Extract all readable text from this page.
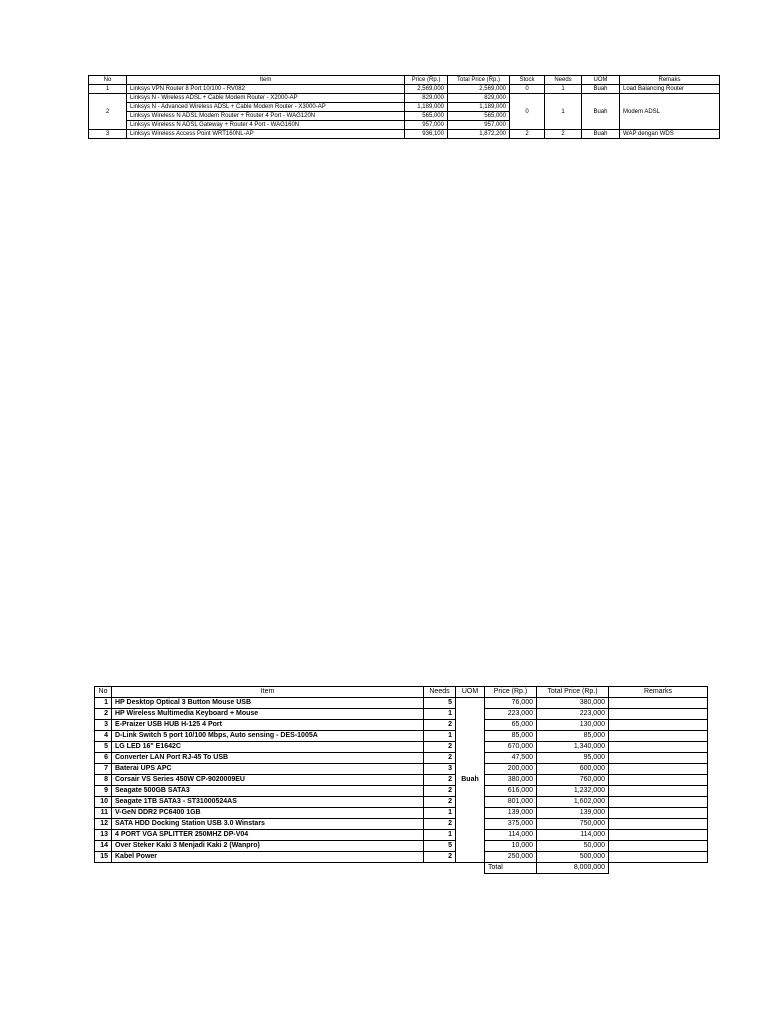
No	Item	Price (Rp.)	Total Price (Rp.)	Stock	Needs	UOM	Remaks
1	Linksys VPN Router 8 Port 10/100 - RV082	2,569,000	2,569,000	0	1	Buah	Load Balancing Router
2	Linksys N - Wireless ADSL + Cable Modem Router - X2000-AP	829,000	829,000	0	1	Buah	Modem ADSL
	Linksys N - Advanced Wireless ADSL + Cable Modem Router - X3000-AP	1,189,000	1,189,000				
	Linksys Wireless N ADSL Modem Router + Router 4 Port - WAG120N	565,000	565,000				
	Linksys Wireless N ADSL Gateway + Router 4 Port - WAG160N	957,000	957,000				
3	Linksys Wireless Access Point WRT160NL-AP	936,100	1,872,200	2	2	Buah	WAP dengan WDS
No	Item	Needs	UOM	Price (Rp.)	Total Price (Rp.)	Remarks
1	HP Desktop Optical 3 Button Mouse USB	5	Buah	76,000	380,000	
2	HP Wireless Multimedia Keyboard + Mouse	1		223,000	223,000	
3	E-Praizer USB HUB H-125 4 Port	2		65,000	130,000	
4	D-Link Switch 5 port 10/100 Mbps, Auto sensing - DES-1005A	1		85,000	85,000	
5	LG LED 16" E1642C	2		670,000	1,340,000	
6	Converter LAN Port RJ-45 To USB	2		47,500	95,000	
7	Baterai UPS APC	3		200,000	600,000	
8	Corsair VS Series 450W CP-9020009EU	2		380,000	760,000	
9	Seagate 500GB SATA3	2		616,000	1,232,000	
10	Seagate 1TB SATA3 - ST31000524AS	2		801,000	1,602,000	
11	V-GeN DDR2 PC6400 1GB	1		139,000	139,000	
12	SATA HDD Docking Station USB 3.0 Winstars	2		375,000	750,000	
13	4 PORT VGA SPLITTER 250MHZ DP-V04	1		114,000	114,000	
14	Over Steker Kaki 3 Menjadi Kaki 2 (Wanpro)	5		10,000	50,000	
15	Kabel Power	2		250,000	500,000	
				Total	8,000,000	
